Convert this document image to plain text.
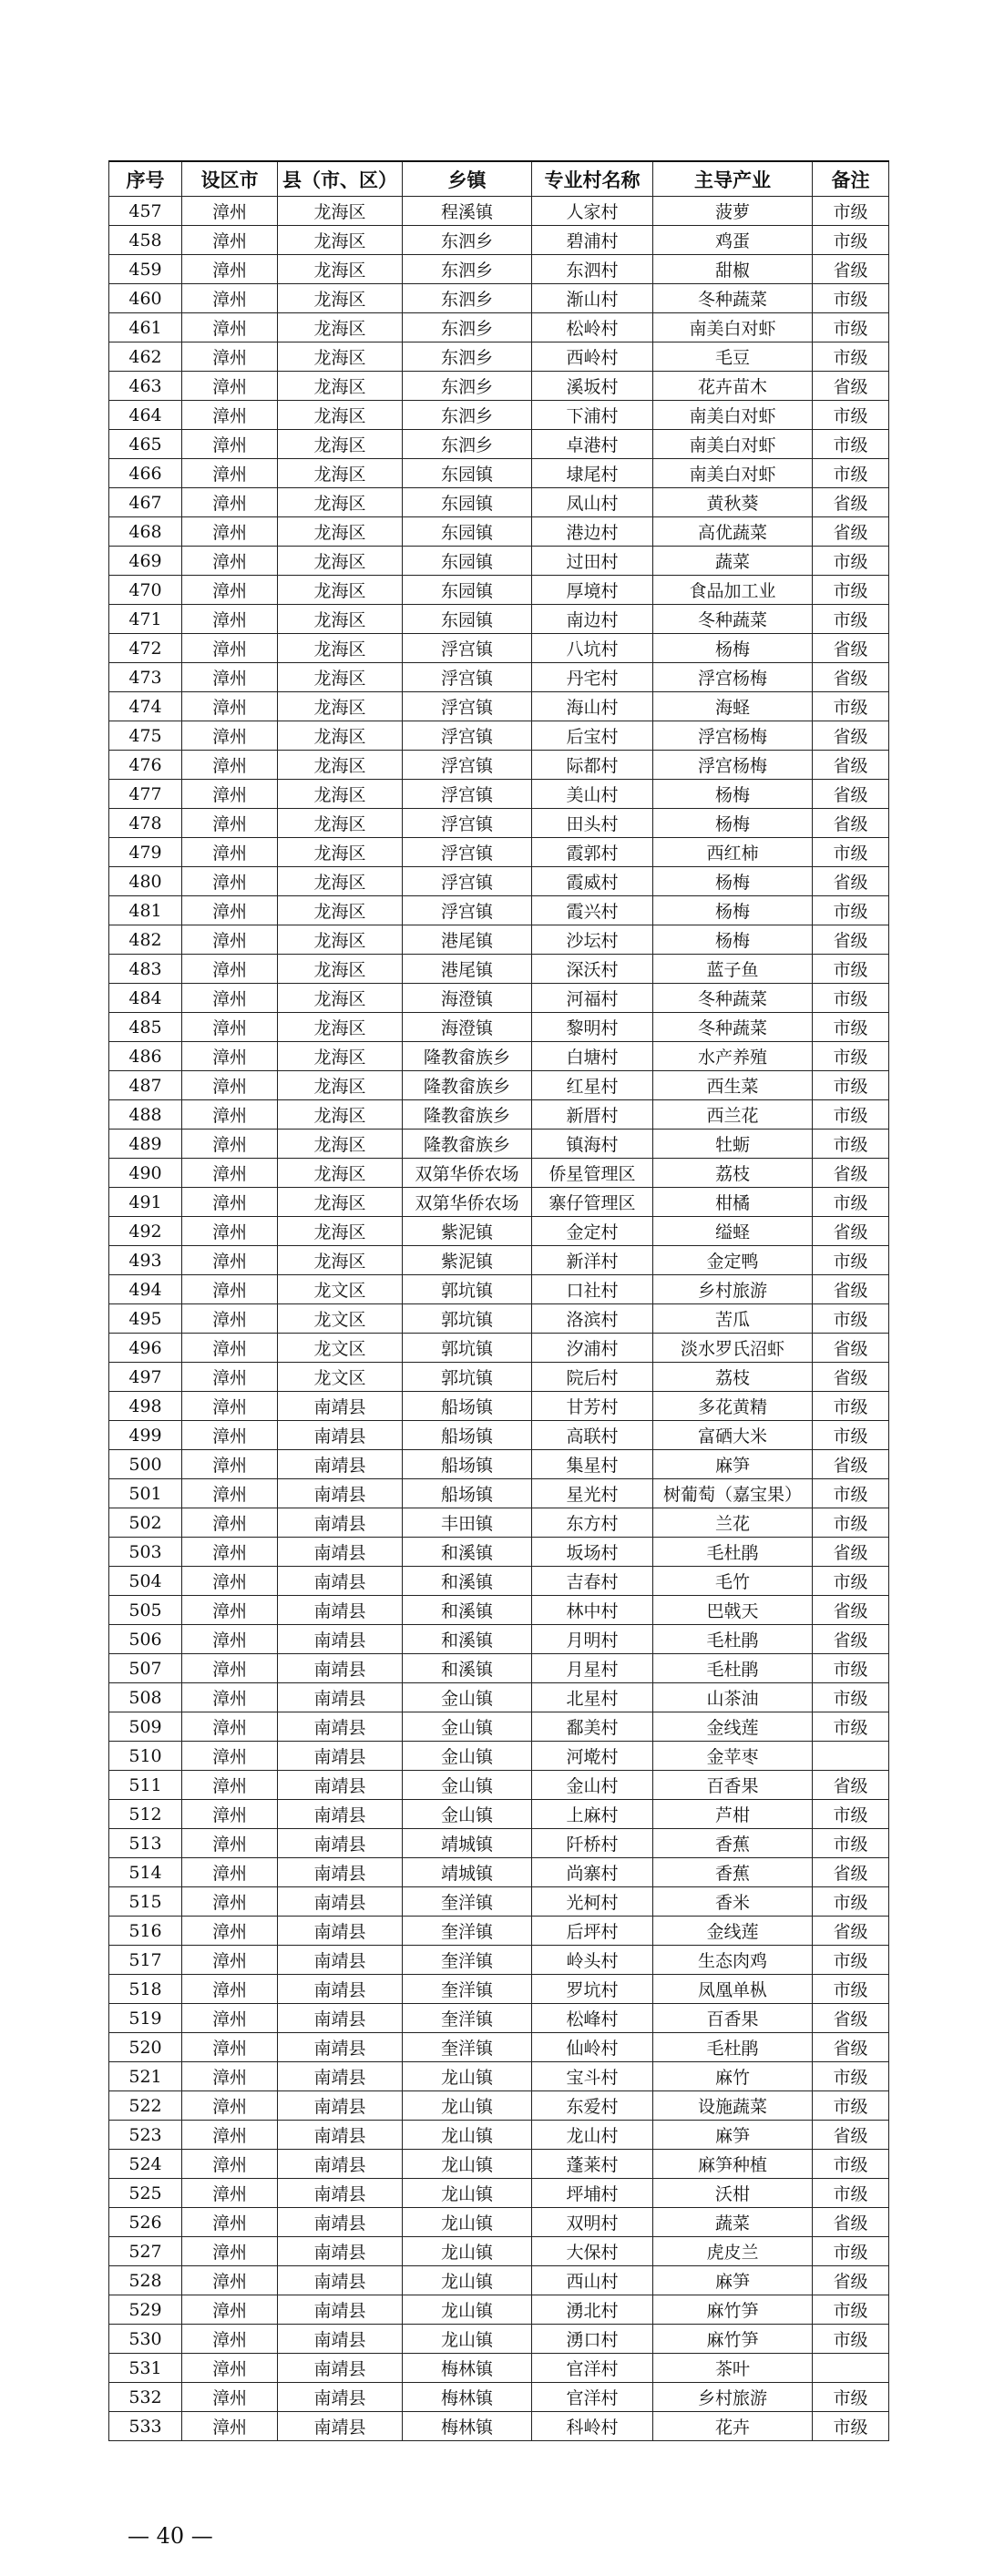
序号	设区市	县（市、区）	乡镇	专业村名称	主导产业	备注
457	漳州	龙海区	程溪镇	人家村	菠萝	市级
458	漳州	龙海区	东泗乡	碧浦村	鸡蛋	市级
459	漳州	龙海区	东泗乡	东泗村	甜椒	省级
460	漳州	龙海区	东泗乡	渐山村	冬种蔬菜	市级
461	漳州	龙海区	东泗乡	松岭村	南美白对虾	市级
462	漳州	龙海区	东泗乡	西岭村	毛豆	市级
463	漳州	龙海区	东泗乡	溪坂村	花卉苗木	省级
464	漳州	龙海区	东泗乡	下浦村	南美白对虾	市级
465	漳州	龙海区	东泗乡	卓港村	南美白对虾	市级
466	漳州	龙海区	东园镇	埭尾村	南美白对虾	市级
467	漳州	龙海区	东园镇	凤山村	黄秋葵	省级
468	漳州	龙海区	东园镇	港边村	高优蔬菜	省级
469	漳州	龙海区	东园镇	过田村	蔬菜	市级
470	漳州	龙海区	东园镇	厚境村	食品加工业	市级
471	漳州	龙海区	东园镇	南边村	冬种蔬菜	市级
472	漳州	龙海区	浮宫镇	八坑村	杨梅	省级
473	漳州	龙海区	浮宫镇	丹宅村	浮宫杨梅	省级
474	漳州	龙海区	浮宫镇	海山村	海蛏	市级
475	漳州	龙海区	浮宫镇	后宝村	浮宫杨梅	省级
476	漳州	龙海区	浮宫镇	际都村	浮宫杨梅	省级
477	漳州	龙海区	浮宫镇	美山村	杨梅	省级
478	漳州	龙海区	浮宫镇	田头村	杨梅	省级
479	漳州	龙海区	浮宫镇	霞郭村	西红柿	市级
480	漳州	龙海区	浮宫镇	霞威村	杨梅	省级
481	漳州	龙海区	浮宫镇	霞兴村	杨梅	市级
482	漳州	龙海区	港尾镇	沙坛村	杨梅	省级
483	漳州	龙海区	港尾镇	深沃村	蓝子鱼	市级
484	漳州	龙海区	海澄镇	河福村	冬种蔬菜	市级
485	漳州	龙海区	海澄镇	黎明村	冬种蔬菜	市级
486	漳州	龙海区	隆教畲族乡	白塘村	水产养殖	市级
487	漳州	龙海区	隆教畲族乡	红星村	西生菜	市级
488	漳州	龙海区	隆教畲族乡	新厝村	西兰花	市级
489	漳州	龙海区	隆教畲族乡	镇海村	牡蛎	市级
490	漳州	龙海区	双第华侨农场	侨星管理区	荔枝	省级
491	漳州	龙海区	双第华侨农场	寨仔管理区	柑橘	市级
492	漳州	龙海区	紫泥镇	金定村	缢蛏	省级
493	漳州	龙海区	紫泥镇	新洋村	金定鸭	市级
494	漳州	龙文区	郭坑镇	口社村	乡村旅游	省级
495	漳州	龙文区	郭坑镇	洛滨村	苦瓜	市级
496	漳州	龙文区	郭坑镇	汐浦村	淡水罗氏沼虾	省级
497	漳州	龙文区	郭坑镇	院后村	荔枝	省级
498	漳州	南靖县	船场镇	甘芳村	多花黄精	市级
499	漳州	南靖县	船场镇	高联村	富硒大米	市级
500	漳州	南靖县	船场镇	集星村	麻笋	省级
501	漳州	南靖县	船场镇	星光村	树葡萄（嘉宝果）	市级
502	漳州	南靖县	丰田镇	东方村	兰花	市级
503	漳州	南靖县	和溪镇	坂场村	毛杜鹃	省级
504	漳州	南靖县	和溪镇	吉春村	毛竹	市级
505	漳州	南靖县	和溪镇	林中村	巴戟天	省级
506	漳州	南靖县	和溪镇	月明村	毛杜鹃	省级
507	漳州	南靖县	和溪镇	月星村	毛杜鹃	市级
508	漳州	南靖县	金山镇	北星村	山茶油	市级
509	漳州	南靖县	金山镇	鄱美村	金线莲	市级
510	漳州	南靖县	金山镇	河墘村	金苹枣	
511	漳州	南靖县	金山镇	金山村	百香果	省级
512	漳州	南靖县	金山镇	上麻村	芦柑	市级
513	漳州	南靖县	靖城镇	阡桥村	香蕉	市级
514	漳州	南靖县	靖城镇	尚寨村	香蕉	省级
515	漳州	南靖县	奎洋镇	光柯村	香米	市级
516	漳州	南靖县	奎洋镇	后坪村	金线莲	省级
517	漳州	南靖县	奎洋镇	岭头村	生态肉鸡	市级
518	漳州	南靖县	奎洋镇	罗坑村	凤凰单枞	市级
519	漳州	南靖县	奎洋镇	松峰村	百香果	省级
520	漳州	南靖县	奎洋镇	仙岭村	毛杜鹃	省级
521	漳州	南靖县	龙山镇	宝斗村	麻竹	市级
522	漳州	南靖县	龙山镇	东爱村	设施蔬菜	市级
523	漳州	南靖县	龙山镇	龙山村	麻笋	省级
524	漳州	南靖县	龙山镇	蓬莱村	麻笋种植	市级
525	漳州	南靖县	龙山镇	坪埔村	沃柑	市级
526	漳州	南靖县	龙山镇	双明村	蔬菜	省级
527	漳州	南靖县	龙山镇	大保村	虎皮兰	市级
528	漳州	南靖县	龙山镇	西山村	麻笋	省级
529	漳州	南靖县	龙山镇	湧北村	麻竹笋	市级
530	漳州	南靖县	龙山镇	湧口村	麻竹笋	市级
531	漳州	南靖县	梅林镇	官洋村	茶叶	
532	漳州	南靖县	梅林镇	官洋村	乡村旅游	市级
533	漳州	南靖县	梅林镇	科岭村	花卉	市级
— 40 —
